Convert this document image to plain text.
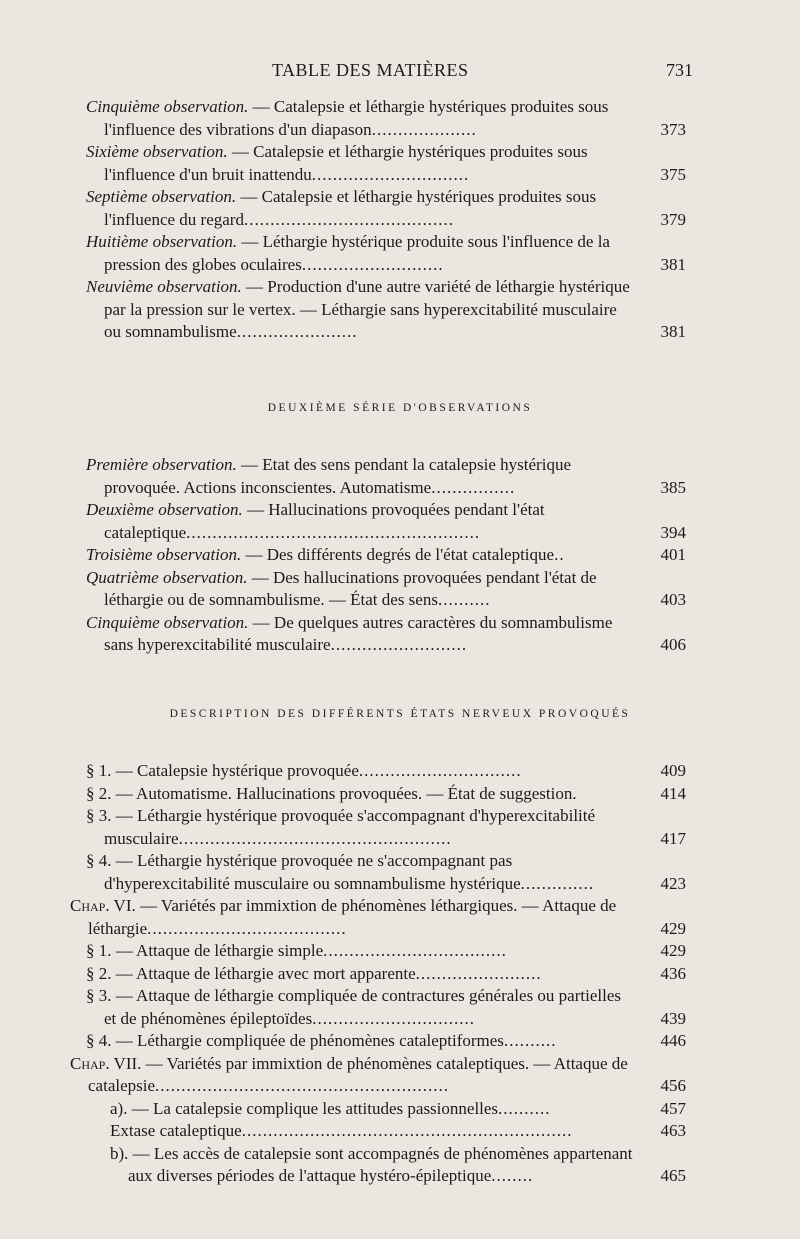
TABLE DES MATIÈRES	731
Cinquième observation. — Catalepsie et léthargie hystériques produites sous l'influence des vibrations d'un diapason....................	373
Sixième observation. — Catalepsie et léthargie hystériques produites sous l'influence d'un bruit inattendu..............................	375
Septième observation. — Catalepsie et léthargie hystériques produites sous l'influence du regard........................................	379
Huitième observation. — Léthargie hystérique produite sous l'influence de la pression des globes oculaires...........................	381
Neuvième observation. — Production d'une autre variété de léthargie hystérique par la pression sur le vertex. — Léthargie sans hyperexcitabilité musculaire ou somnambulisme.......................	381
DEUXIÈME SÉRIE D'OBSERVATIONS
Première observation. — Etat des sens pendant la catalepsie hystérique provoquée. Actions inconscientes. Automatisme................	385
Deuxième observation. — Hallucinations provoquées pendant l'état cataleptique........................................................	394
Troisième observation. — Des différents degrés de l'état cataleptique..	401
Quatrième observation. — Des hallucinations provoquées pendant l'état de léthargie ou de somnambulisme. — État des sens..........	403
Cinquième observation. — De quelques autres caractères du somnambulisme sans hyperexcitabilité musculaire..........................	406
DESCRIPTION DES DIFFÉRENTS ÉTATS NERVEUX PROVOQUÉS
§ 1. — Catalepsie hystérique provoquée...............................	409
§ 2. — Automatisme. Hallucinations provoquées. — État de suggestion.	414
§ 3. — Léthargie hystérique provoquée s'accompagnant d'hyperexcitabilité musculaire....................................................	417
§ 4. — Léthargie hystérique provoquée ne s'accompagnant pas d'hyperexcitabilité musculaire ou somnambulisme hystérique..............	423
Chap. VI. — Variétés par immixtion de phénomènes léthargiques. — Attaque de léthargie......................................	429
§ 1. — Attaque de léthargie simple...................................	429
§ 2. — Attaque de léthargie avec mort apparente........................	436
§ 3. — Attaque de léthargie compliquée de contractures générales ou partielles et de phénomènes épileptoïdes...............................	439
§ 4. — Léthargie compliquée de phénomènes cataleptiformes..........	446
Chap. VII. — Variétés par immixtion de phénomènes cataleptiques. — Attaque de catalepsie........................................................	456
a). — La catalepsie complique les attitudes passionnelles..........	457
Extase cataleptique...............................................................	463
b). — Les accès de catalepsie sont accompagnés de phénomènes appartenant aux diverses périodes de l'attaque hystéro-épileptique........	465
